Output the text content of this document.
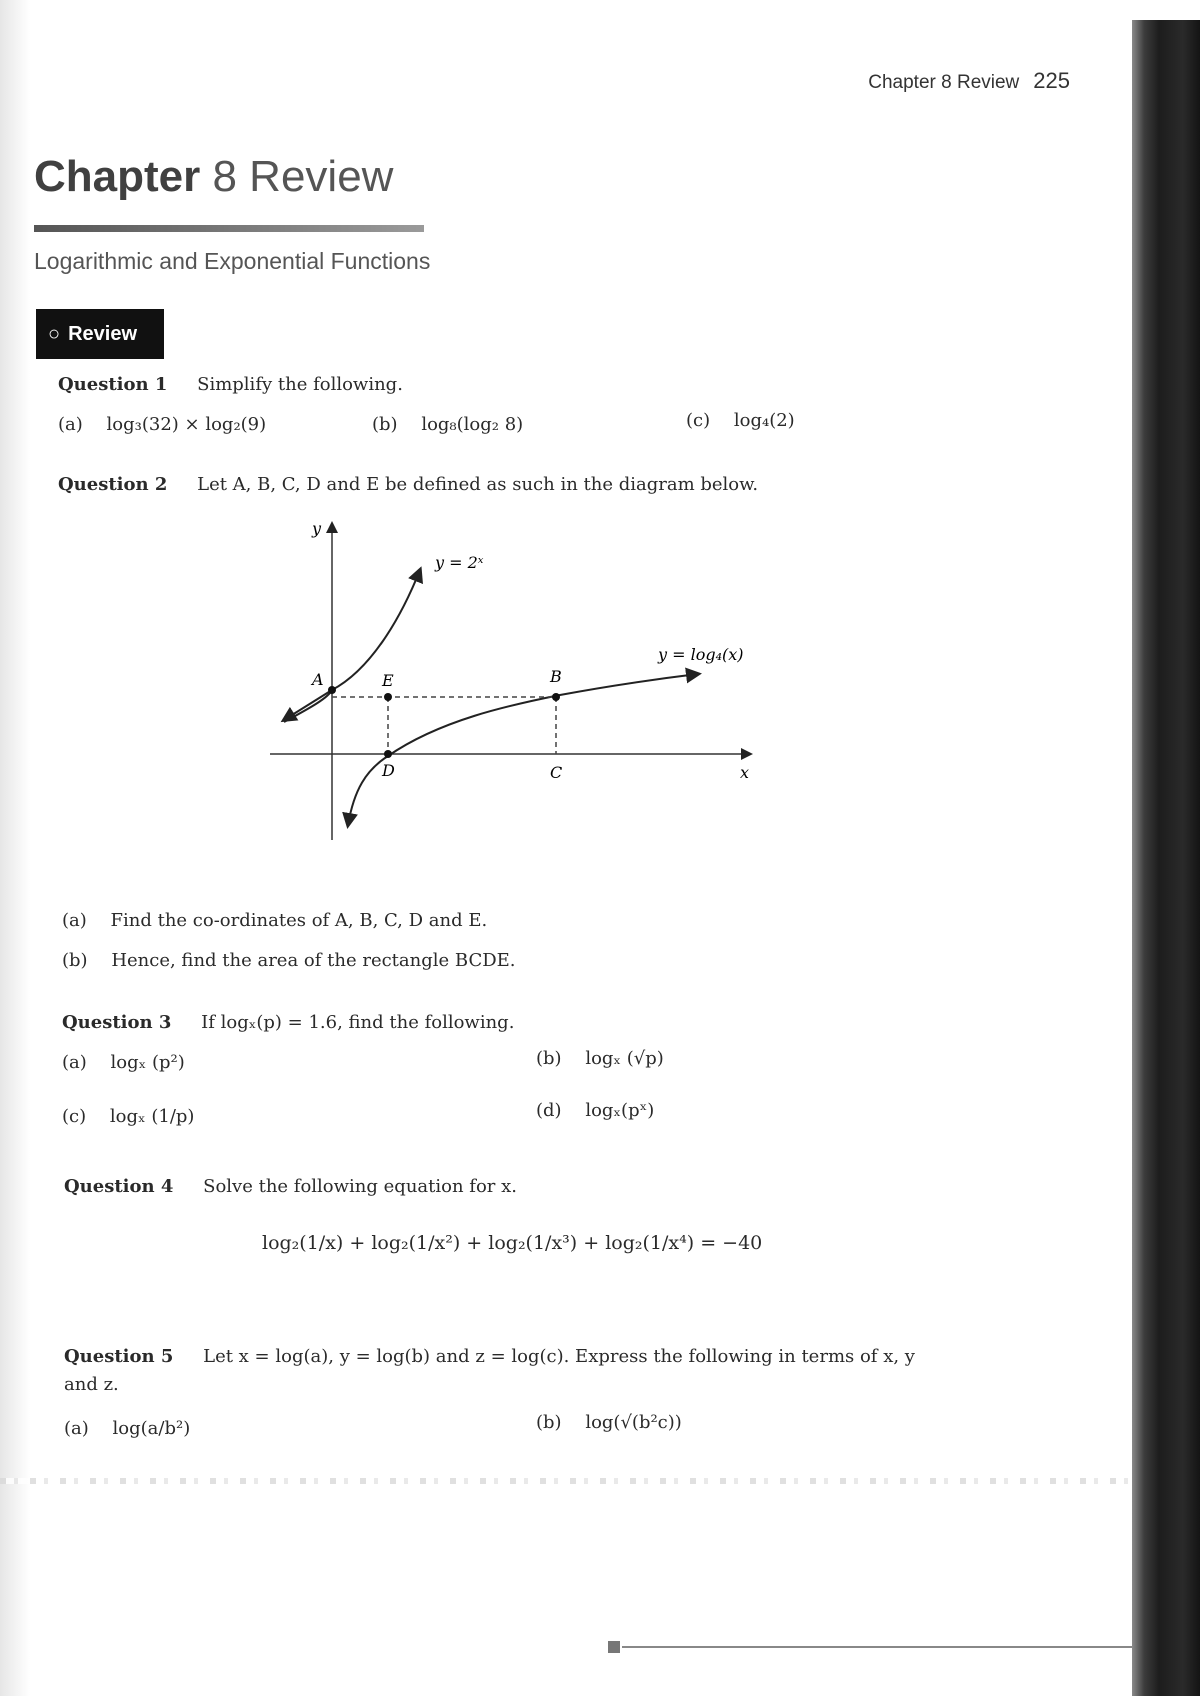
Chapter 8 Review 225
Chapter 8 Review
Logarithmic and Exponential Functions
○ Review
Question 1 Simplify the following.
(a) log₃(32) × log₂(9)	(b) log₈(log₂ 8)	(c) log₄(2)
Question 2 Let A, B, C, D and E be defined as such in the diagram below.
y
x
y = 2ˣ
y = log₄(x)
A	E	B
D	C
(a) Find the co-ordinates of A, B, C, D and E.
(b) Hence, find the area of the rectangle BCDE.
Question 3 If logₓ(p) = 1.6, find the following.
(a) logₓ (p²)	(b) logₓ (√p)
(c) logₓ (1/p)	(d) logₓ(pˣ)
Question 4 Solve the following equation for x.
log₂(1/x) + log₂(1/x²) + log₂(1/x³) + log₂(1/x⁴) = −40
Question 5 Let x = log(a), y = log(b) and z = log(c). Express the following in terms of x, y
and z.
(a) log(a/b²)	(b) log(√(b²c))
